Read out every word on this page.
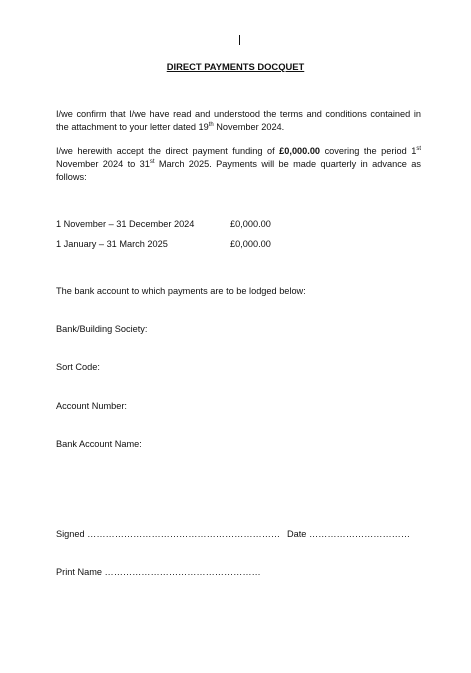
DIRECT PAYMENTS DOCQUET
I/we confirm that I/we have read and understood the terms and conditions contained in the attachment to your letter dated 19th November 2024.
I/we herewith accept the direct payment funding of £0,000.00 covering the period 1st November 2024 to 31st March 2025. Payments will be made quarterly in advance as follows:
1 November – 31 December 2024	£0,000.00
1 January – 31 March 2025	£0,000.00
The bank account to which payments are to be lodged below:
Bank/Building Society:
Sort Code:
Account Number:
Bank Account Name:
Signed ……………………………………………………… Date ……………………………
Print Name ……………………………………………
